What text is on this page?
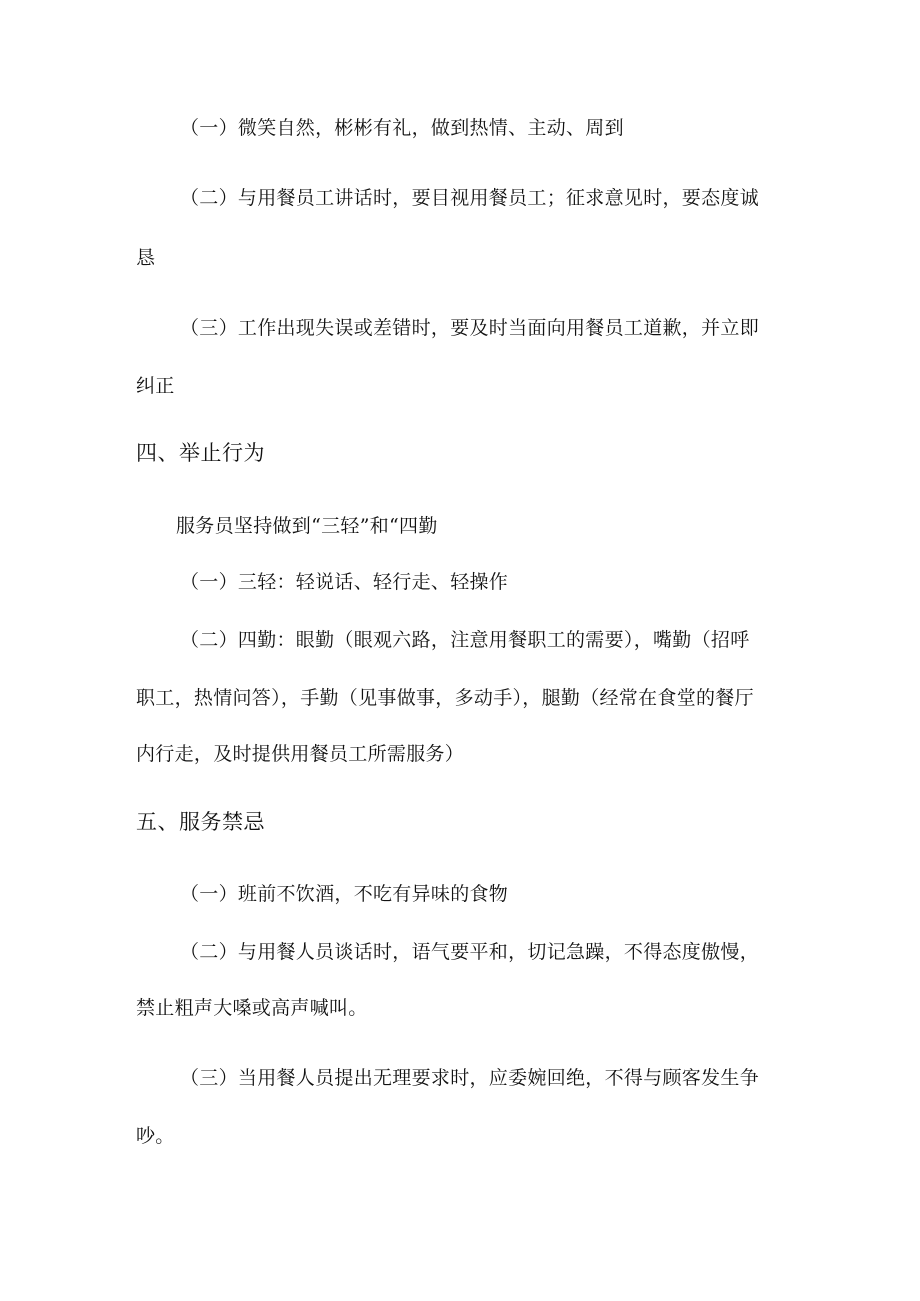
（一）微笑自然，彬彬有礼，做到热情、主动、周到
（二）与用餐员工讲话时，要目视用餐员工；征求意见时，要态度诚
恳
（三）工作出现失误或差错时，要及时当面向用餐员工道歉，并立即
纠正
四、举止行为
服务员坚持做到“三轻”和“四勤
（一）三轻：轻说话、轻行走、轻操作
（二）四勤：眼勤（眼观六路，注意用餐职工的需要），嘴勤（招呼
职工，热情问答），手勤（见事做事，多动手），腿勤（经常在食堂的餐厅
内行走，及时提供用餐员工所需服务）
五、服务禁忌
（一）班前不饮酒，不吃有异味的食物
（二）与用餐人员谈话时，语气要平和，切记急躁，不得态度傲慢，
禁止粗声大嗓或高声喊叫。
（三）当用餐人员提出无理要求时，应委婉回绝，不得与顾客发生争
吵。
